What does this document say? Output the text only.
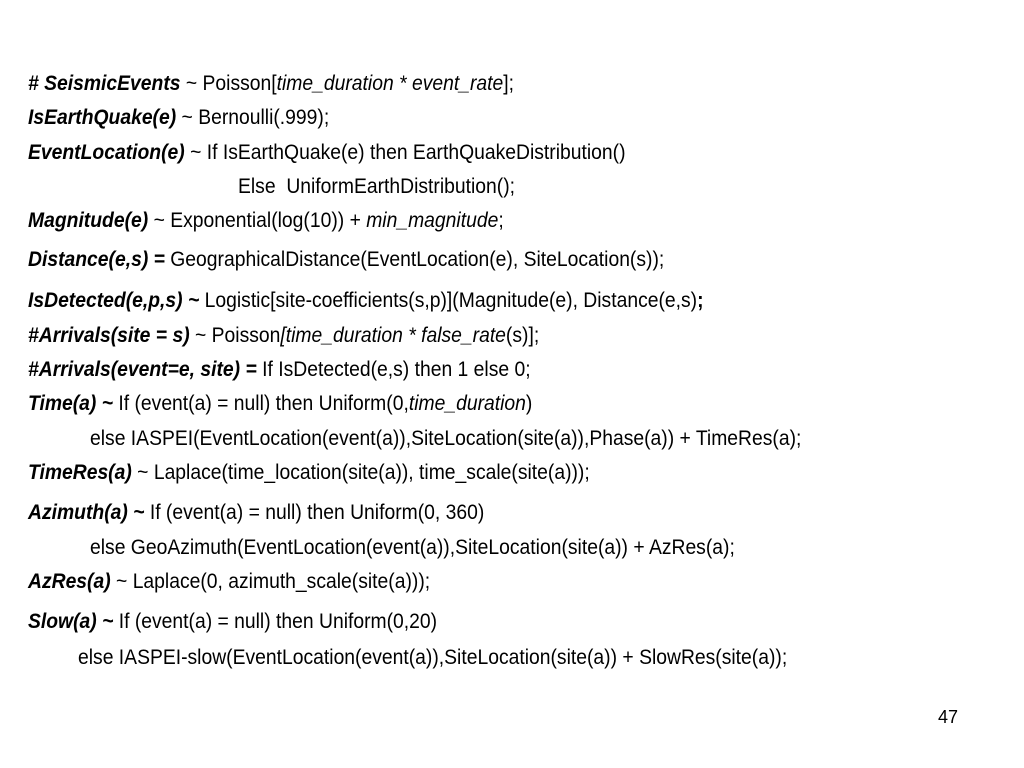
# SeismicEvents ~ Poisson[time_duration * event_rate];
IsEarthQuake(e) ~ Bernoulli(.999);
EventLocation(e) ~ If IsEarthQuake(e) then EarthQuakeDistribution()
Else  UniformEarthDistribution();
Magnitude(e) ~ Exponential(log(10)) + min_magnitude;
Distance(e,s) = GeographicalDistance(EventLocation(e), SiteLocation(s));
IsDetected(e,p,s) ~ Logistic[site-coefficients(s,p)](Magnitude(e), Distance(e,s);
#Arrivals(site = s) ~ Poisson[time_duration * false_rate(s)];
#Arrivals(event=e, site) = If IsDetected(e,s) then 1 else 0;
Time(a) ~ If (event(a) = null) then Uniform(0,time_duration)
else IASPEI(EventLocation(event(a)),SiteLocation(site(a)),Phase(a)) + TimeRes(a);
TimeRes(a) ~ Laplace(time_location(site(a)), time_scale(site(a)));
Azimuth(a) ~ If (event(a) = null) then Uniform(0, 360)
else GeoAzimuth(EventLocation(event(a)),SiteLocation(site(a)) + AzRes(a);
AzRes(a) ~ Laplace(0, azimuth_scale(site(a)));
Slow(a) ~ If (event(a) = null) then Uniform(0,20)
else IASPEI-slow(EventLocation(event(a)),SiteLocation(site(a)) + SlowRes(site(a));
47
